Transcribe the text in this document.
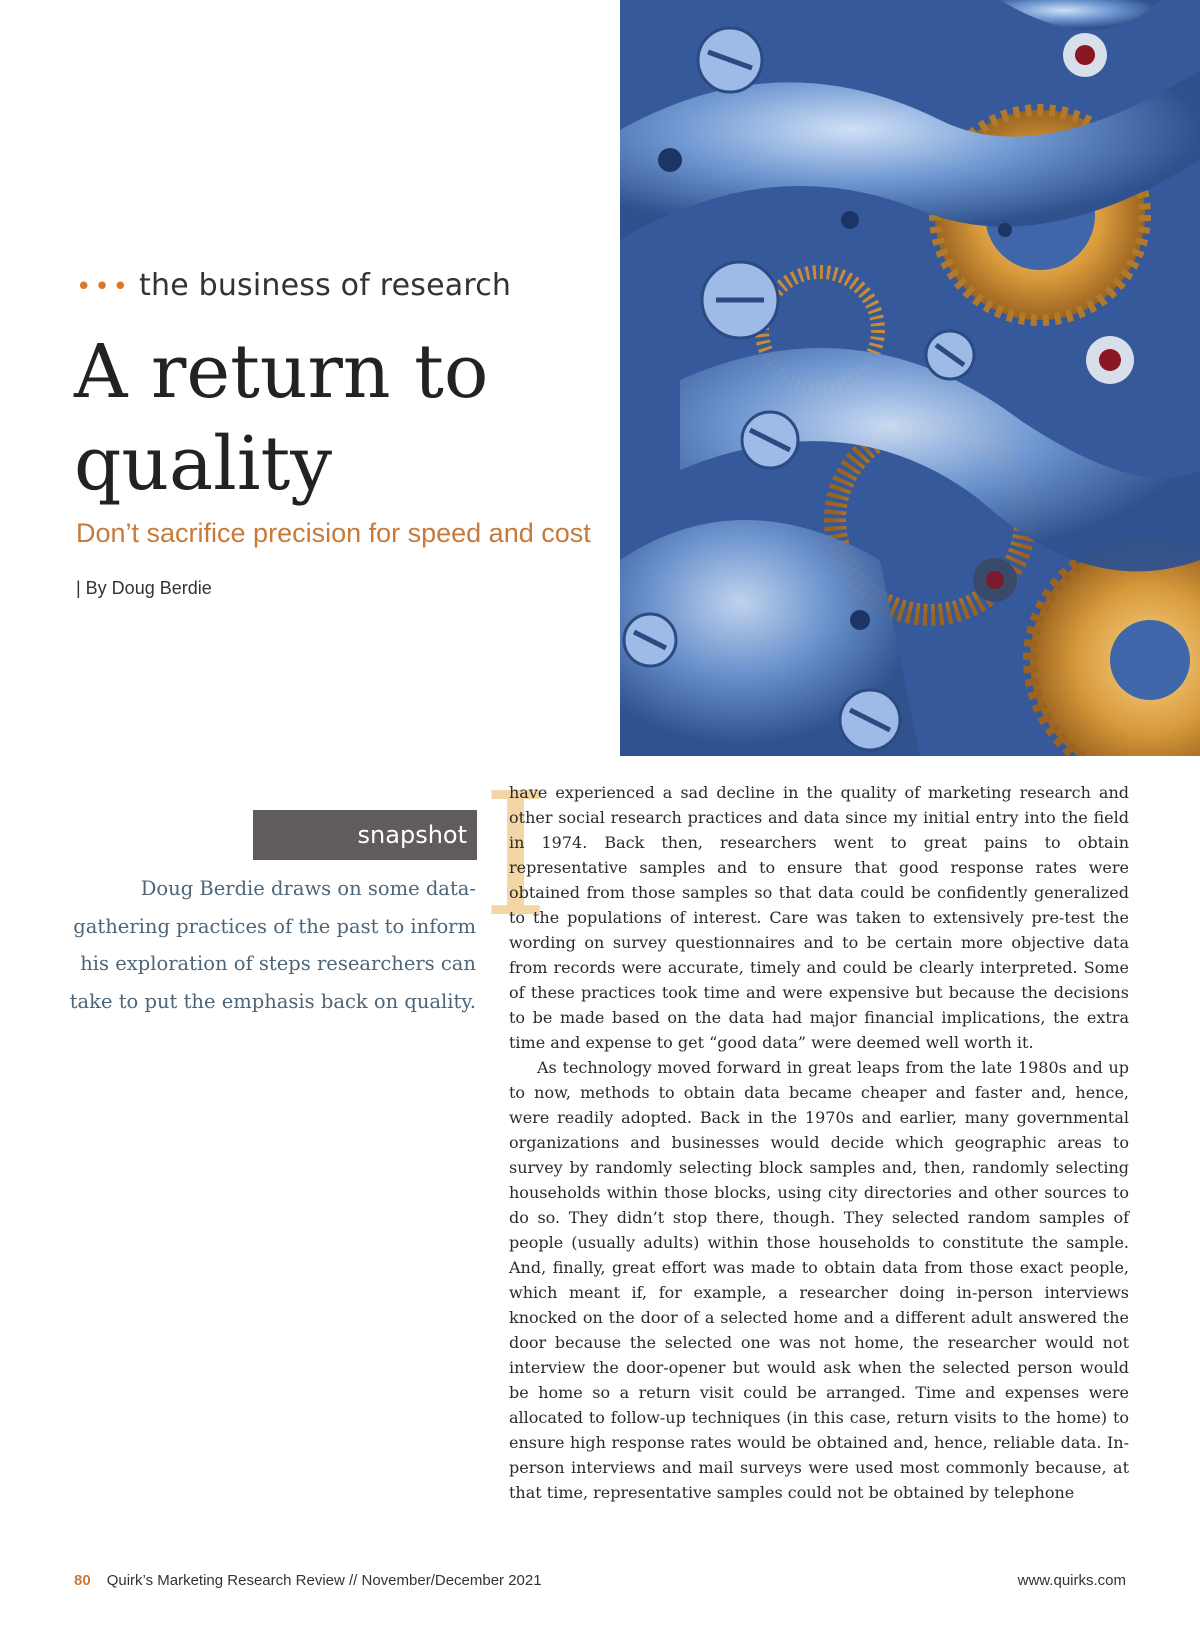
••• the business of research
A return to quality
Don’t sacrifice precision for speed and cost
| By Doug Berdie
snapshot
Doug Berdie draws on some data-gathering practices of the past to inform his exploration of steps researchers can take to put the emphasis back on quality.
I

have experienced a sad decline in the quality of marketing research and other social research practices and data since my initial entry into the field in 1974. Back then, researchers went to great pains to obtain representative samples and to ensure that good response rates were obtained from those samples so that data could be confidently generalized to the populations of interest. Care was taken to extensively pre-test the wording on survey questionnaires and to be certain more objective data from records were accurate, timely and could be clearly interpreted. Some of these practices took time and were expensive but because the decisions to be made based on the data had major financial implications, the extra time and expense to get “good data” were deemed well worth it.

As technology moved forward in great leaps from the late 1980s and up to now, methods to obtain data became cheaper and faster and, hence, were readily adopted. Back in the 1970s and earlier, many governmental organizations and businesses would decide which geographic areas to survey by randomly selecting block samples and, then, randomly selecting households within those blocks, using city directories and other sources to do so. They didn’t stop there, though. They selected random samples of people (usually adults) within those households to constitute the sample. And, finally, great effort was made to obtain data from those exact people, which meant if, for example, a researcher doing in-person interviews knocked on the door of a selected home and a different adult answered the door because the selected one was not home, the researcher would not interview the door-opener but would ask when the selected person would be home so a return visit could be arranged. Time and expenses were allocated to follow-up techniques (in this case, return visits to the home) to ensure high response rates would be obtained and, hence, reliable data. In-person interviews and mail surveys were used most commonly because, at that time, representative samples could not be obtained by telephone

80 Quirk’s Marketing Research Review // November/December 2021	www.quirks.com
